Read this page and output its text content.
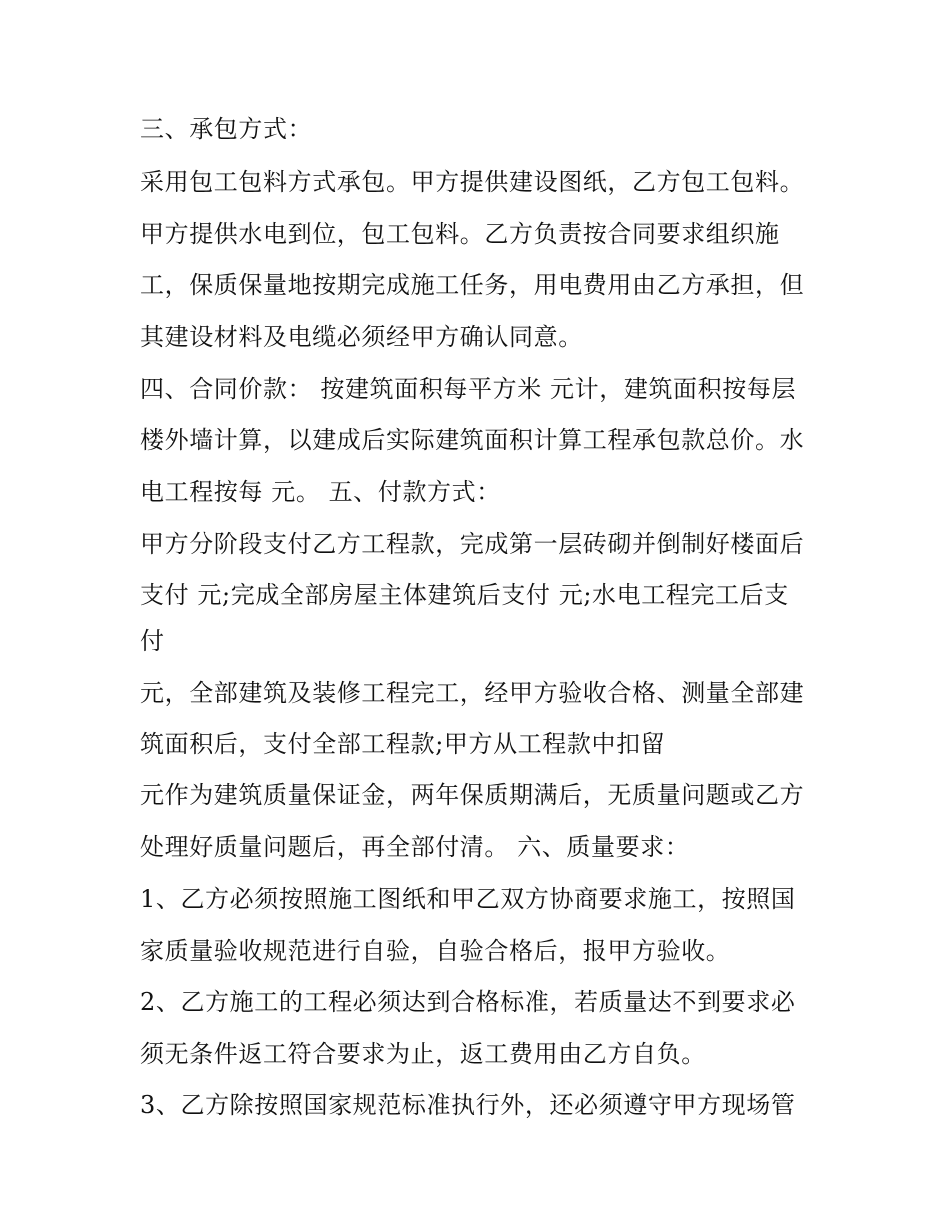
三、承包方式：
采用包工包料方式承包。甲方提供建设图纸，乙方包工包料。
甲方提供水电到位，包工包料。乙方负责按合同要求组织施
工，保质保量地按期完成施工任务，用电费用由乙方承担，但
其建设材料及电缆必须经甲方确认同意。
四、合同价款： 按建筑面积每平方米 元计，建筑面积按每层
楼外墙计算，以建成后实际建筑面积计算工程承包款总价。水
电工程按每 元。 五、付款方式：
甲方分阶段支付乙方工程款，完成第一层砖砌并倒制好楼面后
支付 元;完成全部房屋主体建筑后支付 元;水电工程完工后支
付
元，全部建筑及装修工程完工，经甲方验收合格、测量全部建
筑面积后，支付全部工程款;甲方从工程款中扣留
元作为建筑质量保证金，两年保质期满后，无质量问题或乙方
处理好质量问题后，再全部付清。 六、质量要求：
1、乙方必须按照施工图纸和甲乙双方协商要求施工，按照国
家质量验收规范进行自验，自验合格后，报甲方验收。
2、乙方施工的工程必须达到合格标准，若质量达不到要求必
须无条件返工符合要求为止，返工费用由乙方自负。
3、乙方除按照国家规范标准执行外，还必须遵守甲方现场管
